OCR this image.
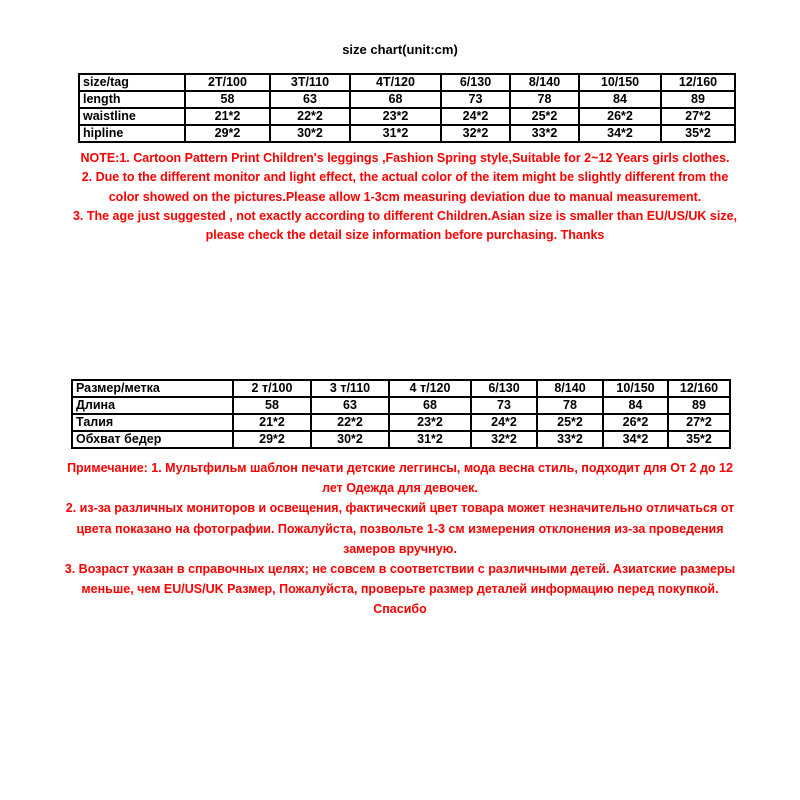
size chart(unit:cm)
size/tag	2T/100	3T/110	4T/120	6/130	8/140	10/150	12/160
length	58	63	68	73	78	84	89
waistline	21*2	22*2	23*2	24*2	25*2	26*2	27*2
hipline	29*2	30*2	31*2	32*2	33*2	34*2	35*2

NOTE:1. Cartoon Pattern Print Children's leggings ,Fashion Spring style,Suitable for 2~12 Years girls clothes.

2. Due to the different monitor and light effect, the actual color of the item might be slightly different from the color showed on the pictures.Please allow 1-3cm measuring deviation due to manual measurement.

3. The age just suggested , not exactly according to different Children.Asian size is smaller than EU/US/UK size, please check the detail size information before purchasing. Thanks

Размер/метка	2 т/100	3 т/110	4 т/120	6/130	8/140	10/150	12/160
Длина	58	63	68	73	78	84	89
Талия	21*2	22*2	23*2	24*2	25*2	26*2	27*2
Обхват бедер	29*2	30*2	31*2	32*2	33*2	34*2	35*2

Примечание: 1. Мультфильм шаблон печати детские леггинсы, мода весна стиль, подходит для От 2 до 12 лет Одежда для девочек.

2. из-за различных мониторов и освещения, фактический цвет товара может незначительно отличаться от цвета показано на фотографии. Пожалуйста, позвольте 1-3 см измерения отклонения из-за проведения замеров вручную.

3. Возраст указан в справочных целях; не совсем в соответствии с различными детей. Азиатские размеры меньше, чем EU/US/UK Размер, Пожалуйста, проверьте размер деталей информацию перед покупкой. Спасибо
